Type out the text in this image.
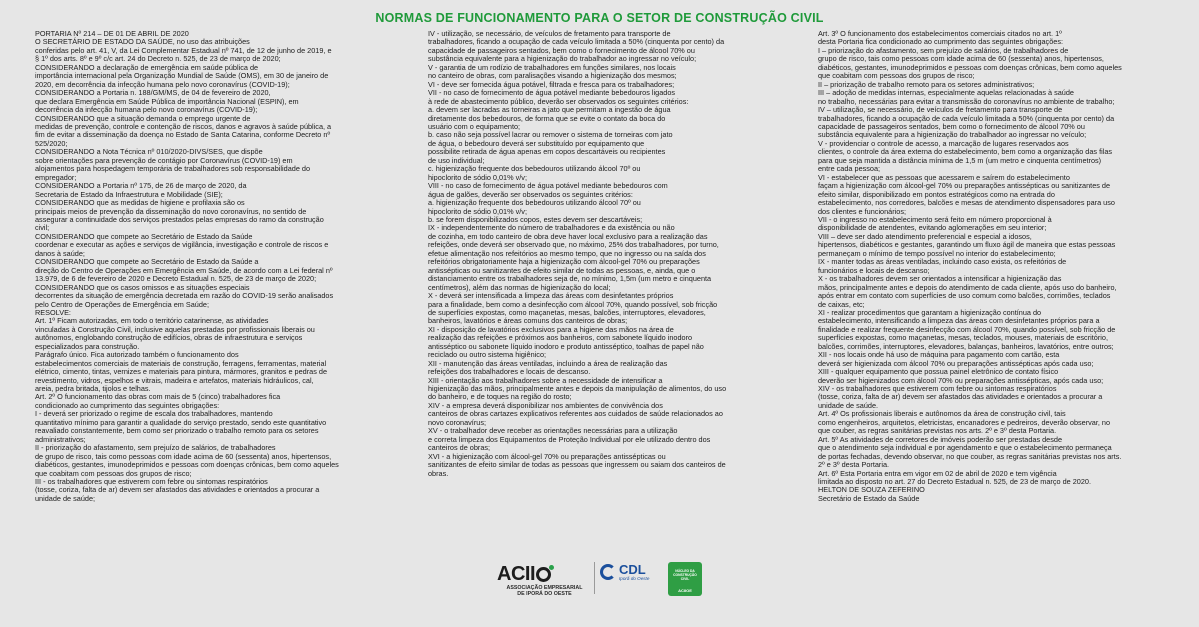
NORMAS DE FUNCIONAMENTO PARA O SETOR DE CONSTRUÇÃO CIVIL
PORTARIA Nº 214 – DE 01 DE ABRIL DE 2020
O SECRETÁRIO DE ESTADO DA SAÚDE, no uso das atribuições
conferidas pelo art. 41, V, da Lei Complementar Estadual nº 741, de 12 de junho de 2019, e
§ 1º dos arts. 8º e 9º c/c art. 24 do Decreto n. 525, de 23 de março de 2020;
CONSIDERANDO a declaração de emergência em saúde pública de
importância internacional pela Organização Mundial de Saúde (OMS), em 30 de janeiro de
2020, em decorrência da infecção humana pelo novo coronavírus (COVID-19);
CONSIDERANDO a Portaria n. 188/GM/MS, de 04 de fevereiro de 2020,
que declara Emergência em Saúde Pública de importância Nacional (ESPIN), em
decorrência da infecção humana pelo novo coronavírus (COVID-19);
CONSIDERANDO que a situação demanda o emprego urgente de
medidas de prevenção, controle e contenção de riscos, danos e agravos à saúde pública, a
fim de evitar a disseminação da doença no Estado de Santa Catarina, conforme Decreto nº
525/2020;
CONSIDERANDO a Nota Técnica nº 010/2020-DIVS/SES, que dispõe
sobre orientações para prevenção de contágio por Coronavírus (COVID-19) em
alojamentos para hospedagem temporária de trabalhadores sob responsabilidade do
empregador;
CONSIDERANDO a Portaria nº 175, de 26 de março de 2020, da
Secretaria de Estado da Infraestrutura e Mobilidade (SIE);
CONSIDERANDO que as medidas de higiene e profilaxia são os
principais meios de prevenção da disseminação do novo coronavírus, no sentido de
assegurar a continuidade dos serviços prestados pelas empresas do ramo da construção
civil;
CONSIDERANDO que compete ao Secretário de Estado da Saúde
coordenar e executar as ações e serviços de vigilância, investigação e controle de riscos e
danos à saúde;
CONSIDERANDO que compete ao Secretário de Estado da Saúde a
direção do Centro de Operações em Emergência em Saúde, de acordo com a Lei federal nº
13.979, de 6 de fevereiro de 2020 e Decreto Estadual n. 525, de 23 de março de 2020;
CONSIDERANDO que os casos omissos e as situações especiais
decorrentes da situação de emergência decretada em razão do COVID-19 serão analisados
pelo Centro de Operações de Emergência em Saúde;
RESOLVE:
Art. 1º Ficam autorizadas, em todo o território catarinense, as atividades
vinculadas à Construção Civil, inclusive aquelas prestadas por profissionais liberais ou
autônomos, englobando construção de edifícios, obras de infraestrutura e serviços
especializados para construção.
Parágrafo único. Fica autorizado também o funcionamento dos
estabelecimentos comerciais de materiais de construção, ferragens, ferramentas, material
elétrico, cimento, tintas, vernizes e materiais para pintura, mármores, granitos e pedras de
revestimento, vidros, espelhos e vitrais, madeira e artefatos, materiais hidráulicos, cal,
areia, pedra britada, tijolos e telhas.
Art. 2º O funcionamento das obras com mais de 5 (cinco) trabalhadores fica
condicionado ao cumprimento das seguintes obrigações:
I - deverá ser priorizado o regime de escala dos trabalhadores, mantendo
quantitativo mínimo para garantir a qualidade do serviço prestado, sendo este quantitativo
reavaliado constantemente, bem como ser priorizado o trabalho remoto para os setores
administrativos;
II - priorização do afastamento, sem prejuízo de salários, de trabalhadores
de grupo de risco, tais como pessoas com idade acima de 60 (sessenta) anos, hipertensos,
diabéticos, gestantes, imunodeprimidos e pessoas com doenças crônicas, bem como aqueles
que coabitam com pessoas dos grupos de risco;
III - os trabalhadores que estiverem com febre ou sintomas respiratórios
(tosse, coriza, falta de ar) devem ser afastados das atividades e orientados a procurar a
unidade de saúde;
IV - utilização, se necessário, de veículos de fretamento para transporte de
trabalhadores, ficando a ocupação de cada veículo limitada a 50% (cinquenta por cento) da
capacidade de passageiros sentados, bem como o fornecimento de álcool 70% ou
substância equivalente para a higienização do trabalhador ao ingressar no veículo;
V - garantia de um rodízio de trabalhadores em funções similares, nos locais
no canteiro de obras, com paralisações visando a higienização dos mesmos;
VI - deve ser fornecida água potável, filtrada e fresca para os trabalhadores;
VII - no caso de fornecimento de água potável mediante bebedouros ligados
à rede de abastecimento público, deverão ser observados os seguintes critérios:
a. devem ser lacradas as torneiras a jato que permitam a ingestão de água
diretamente dos bebedouros, de forma que se evite o contato da boca do
usuário com o equipamento;
b. caso não seja possível lacrar ou remover o sistema de torneiras com jato
de água, o bebedouro deverá ser substituído por equipamento que
possibilite retirada de água apenas em copos descartáveis ou recipientes
de uso individual;
c. higienização frequente dos bebedouros utilizando álcool 70º ou
hipoclorito de sódio 0,01% v/v;
VIII - no caso de fornecimento de água potável mediante bebedouros com
água de galões, deverão ser observados os seguintes critérios:
a. higienização frequente dos bebedouros utilizando álcool 70º ou
hipoclorito de sódio 0,01% v/v;
b. se forem disponibilizados copos, estes devem ser descartáveis;
IX - independentemente do número de trabalhadores e da existência ou não
de cozinha, em todo canteiro de obra deve haver local exclusivo para a realização das
refeições, onde deverá ser observado que, no máximo, 25% dos trabalhadores, por turno,
efetue alimentação nos refeitórios ao mesmo tempo, que no ingresso ou na saída dos
refeitórios obrigatoriamente haja a higienização com álcool-gel 70% ou preparações
antissépticas ou sanitizantes de efeito similar de todas as pessoas, e, ainda, que o
distanciamento entre os trabalhadores seja de, no mínimo, 1,5m (um metro e cinquenta
centímetros), além das normas de higienização do local;
X - deverá ser intensificada a limpeza das áreas com desinfetantes próprios
para a finalidade, bem como a desinfecção com álcool 70%, quando possível, sob fricção
de superfícies expostas, como maçanetas, mesas, balcões, interruptores, elevadores,
banheiros, lavatórios e áreas comuns dos canteiros de obras;
XI - disposição de lavatórios exclusivos para a higiene das mãos na área de
realização das refeições e próximos aos banheiros, com sabonete líquido inodoro
antisséptico ou sabonete líquido inodoro e produto antisséptico, toalhas de papel não
reciclado ou outro sistema higiênico;
XII - manutenção das áreas ventiladas, incluindo a área de realização das
refeições dos trabalhadores e locais de descanso.
XIII - orientação aos trabalhadores sobre a necessidade de intensificar a
higienização das mãos, principalmente antes e depois da manipulação de alimentos, do uso
do banheiro, e de toques na região do rosto;
XIV - a empresa deverá disponibilizar nos ambientes de convivência dos
canteiros de obras cartazes explicativos referentes aos cuidados de saúde relacionados ao
novo coronavírus;
XV - o trabalhador deve receber as orientações necessárias para a utilização
e correta limpeza dos Equipamentos de Proteção Individual por ele utilizado dentro dos
canteiros de obras;
XVI - a higienização com álcool-gel 70% ou preparações antissépticas ou
sanitizantes de efeito similar de todas as pessoas que ingressem ou saiam dos canteiros de
obras.
Art. 3º O funcionamento dos estabelecimentos comerciais citados no art. 1º
desta Portaria fica condicionado ao cumprimento das seguintes obrigações:
I – priorização do afastamento, sem prejuízo de salários, de trabalhadores de
grupo de risco, tais como pessoas com idade acima de 60 (sessenta) anos, hipertensos,
diabéticos, gestantes, imunodeprimidos e pessoas com doenças crônicas, bem como aqueles
que coabitam com pessoas dos grupos de risco;
II – priorização de trabalho remoto para os setores administrativos;
III – adoção de medidas internas, especialmente aquelas relacionadas à saúde
no trabalho, necessárias para evitar a transmissão do coronavírus no ambiente de trabalho;
IV – utilização, se necessário, de veículos de fretamento para transporte de
trabalhadores, ficando a ocupação de cada veículo limitada a 50% (cinquenta por cento) da
capacidade de passageiros sentados, bem como o fornecimento de álcool 70% ou
substância equivalente para a higienização do trabalhador ao ingressar no veículo;
V - providenciar o controle de acesso, a marcação de lugares reservados aos
clientes, o controle da área externa do estabelecimento, bem como a organização das filas
para que seja mantida a distância mínima de 1,5 m (um metro e cinquenta centímetros)
entre cada pessoa;
VI - estabelecer que as pessoas que acessarem e saírem do estabelecimento
façam a higienização com álcool-gel 70% ou preparações antissépticas ou sanitizantes de
efeito similar, disponibilizado em pontos estratégicos como na entrada do
estabelecimento, nos corredores, balcões e mesas de atendimento dispensadores para uso
dos clientes e funcionários;
VII - o ingresso no estabelecimento será feito em número proporcional à
disponibilidade de atendentes, evitando aglomerações em seu interior;
VIII – deve ser dado atendimento preferencial e especial a idosos,
hipertensos, diabéticos e gestantes, garantindo um fluxo ágil de maneira que estas pessoas
permaneçam o mínimo de tempo possível no interior do estabelecimento;
IX - manter todas as áreas ventiladas, incluindo caso exista, os refeitórios de
funcionários e locais de descanso;
X - os trabalhadores devem ser orientados a intensificar a higienização das
mãos, principalmente antes e depois do atendimento de cada cliente, após uso do banheiro,
após entrar em contato com superfícies de uso comum como balcões, corrimões, teclados
de caixas, etc;
XI - realizar procedimentos que garantam a higienização contínua do
estabelecimento, intensificando a limpeza das áreas com desinfetantes próprios para a
finalidade e realizar frequente desinfecção com álcool 70%, quando possível, sob fricção de
superfícies expostas, como maçanetas, mesas, teclados, mouses, materiais de escritório,
balcões, corrimões, interruptores, elevadores, balanças, banheiros, lavatórios, entre outros;
XII - nos locais onde há uso de máquina para pagamento com cartão, esta
deverá ser higienizada com álcool 70% ou preparações antissépticas após cada uso;
XIII - qualquer equipamento que possua painel eletrônico de contato físico
deverão ser higienizados com álcool 70% ou preparações antissépticas, após cada uso;
XIV - os trabalhadores que estiverem com febre ou sintomas respiratórios
(tosse, coriza, falta de ar) devem ser afastados das atividades e orientados a procurar a
unidade de saúde.
Art. 4º Os profissionais liberais e autônomos da área de construção civil, tais
como engenheiros, arquitetos, eletricistas, encanadores e pedreiros, deverão observar, no
que couber, as regras sanitárias previstas nos arts. 2º e 3º desta Portaria.
Art. 5º As atividades de corretores de imóveis poderão ser prestadas desde
que o atendimento seja individual e por agendamento e que o estabelecimento permaneça
de portas fechadas, devendo observar, no que couber, as regras sanitárias previstas nos arts.
2º e 3º desta Portaria.
Art. 6º Esta Portaria entra em vigor em 02 de abril de 2020 e tem vigência
limitada ao disposto no art. 27 do Decreto Estadual n. 525, de 23 de março de 2020.
HELTON DE SOUZA ZEFERINO
Secretário de Estado da Saúde
ACII
ASSOCIAÇÃO EMPRESARIAL
DE IPORÁ DO OESTE
CDL
Iporã do Oeste
NÚCLEO DA CONSTRUÇÃO CIVIL
ACIIOE
